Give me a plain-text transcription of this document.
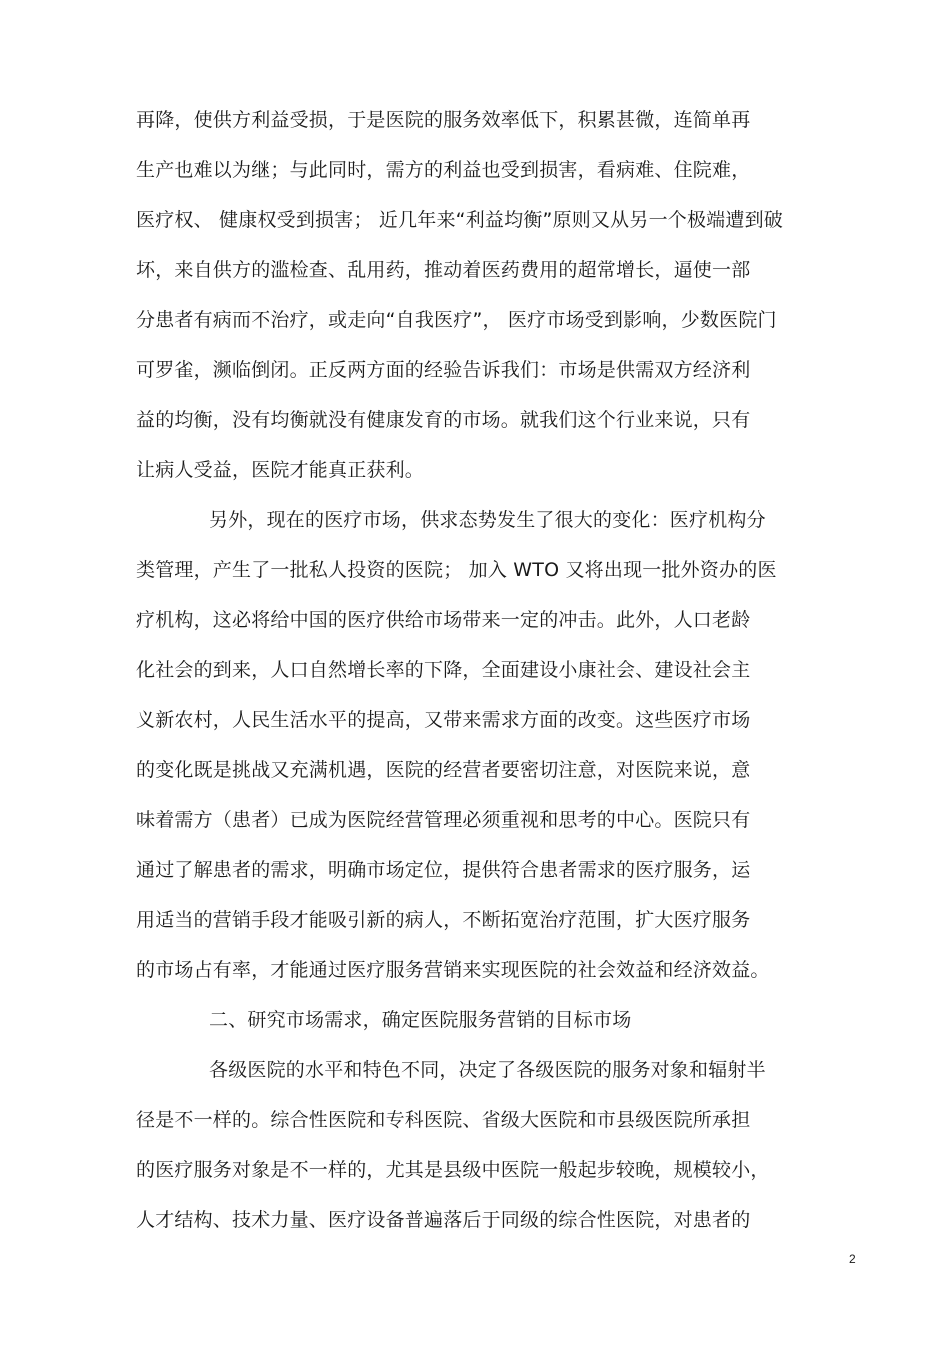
再降，使供方利益受损，于是医院的服务效率低下，积累甚微，连简单再
生产也难以为继；与此同时，需方的利益也受到损害，看病难、住院难，
医疗权、 健康权受到损害； 近几年来“利益均衡”原则又从另一个极端遭到破
坏，来自供方的滥检查、乱用药，推动着医药费用的超常增长，逼使一部
分患者有病而不治疗，或走向“自我医疗”， 医疗市场受到影响，少数医院门
可罗雀，濒临倒闭。正反两方面的经验告诉我们：市场是供需双方经济利
益的均衡，没有均衡就没有健康发育的市场。就我们这个行业来说，只有
让病人受益，医院才能真正获利。
另外，现在的医疗市场，供求态势发生了很大的变化：医疗机构分
类管理，产生了一批私人投资的医院； 加入 WTO 又将出现一批外资办的医
疗机构，这必将给中国的医疗供给市场带来一定的冲击。此外，人口老龄
化社会的到来，人口自然增长率的下降，全面建设小康社会、建设社会主
义新农村，人民生活水平的提高，又带来需求方面的改变。这些医疗市场
的变化既是挑战又充满机遇，医院的经营者要密切注意，对医院来说，意
味着需方（患者）已成为医院经营管理必须重视和思考的中心。医院只有
通过了解患者的需求，明确市场定位，提供符合患者需求的医疗服务，运
用适当的营销手段才能吸引新的病人，不断拓宽治疗范围，扩大医疗服务
的市场占有率，才能通过医疗服务营销来实现医院的社会效益和经济效益。
二、研究市场需求，确定医院服务营销的目标市场
各级医院的水平和特色不同，决定了各级医院的服务对象和辐射半
径是不一样的。综合性医院和专科医院、省级大医院和市县级医院所承担
的医疗服务对象是不一样的，尤其是县级中医院一般起步较晚，规模较小，
人才结构、技术力量、医疗设备普遍落后于同级的综合性医院，对患者的
2
